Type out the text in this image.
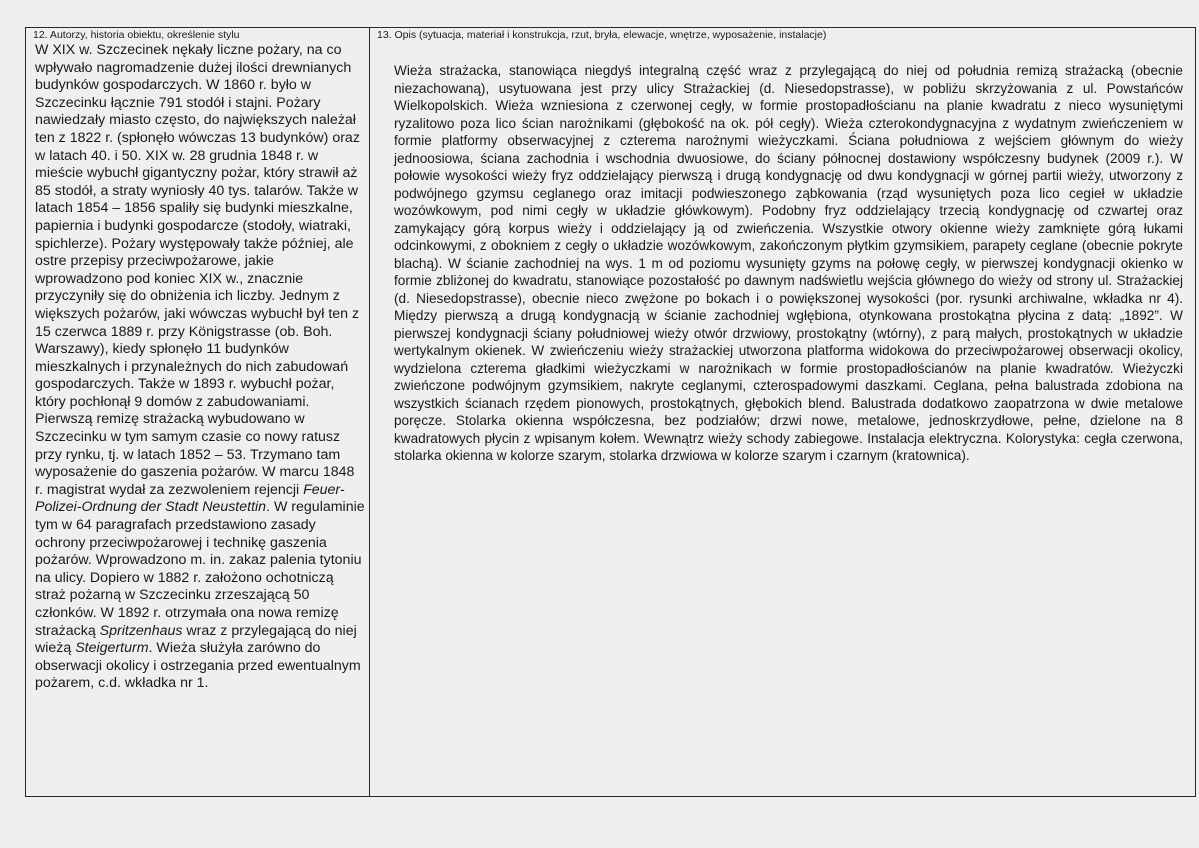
12. Autorzy, historia obiektu, określenie stylu
W XIX w. Szczecinek nękały liczne pożary, na co wpływało nagromadzenie dużej ilości drewnianych budynków gospodarczych. W 1860 r. było w Szczecinku łącznie 791 stodół i stajni. Pożary nawiedzały miasto często, do największych należał ten z 1822 r. (spłonęło wówczas 13 budynków) oraz w latach 40. i 50. XIX w. 28 grudnia 1848 r. w mieście wybuchł gigantyczny pożar, który strawił aż 85 stodół, a straty wyniosły 40 tys. talarów. Także w latach 1854 – 1856 spaliły się budynki mieszkalne, papiernia i budynki gospodarcze (stodoły, wiatraki, spichlerze). Pożary występowały także później, ale ostre przepisy przeciwpożarowe, jakie wprowadzono pod koniec XIX w., znacznie przyczyniły się do obniżenia ich liczby. Jednym z większych pożarów, jaki wówczas wybuchł był ten z 15 czerwca 1889 r. przy Königstrasse (ob. Boh. Warszawy), kiedy spłonęło 11 budynków mieszkalnych i przynależnych do nich zabudowań gospodarczych. Także w 1893 r. wybuchł pożar, który pochłonął 9 domów z zabudowaniami. Pierwszą remizę strażacką wybudowano w Szczecinku w tym samym czasie co nowy ratusz przy rynku, tj. w latach 1852 – 53. Trzymano tam wyposażenie do gaszenia pożarów. W marcu 1848 r. magistrat wydał za zezwoleniem rejencji Feuer-Polizei-Ordnung der Stadt Neustettin. W regulaminie tym w 64 paragrafach przedstawiono zasady ochrony przeciwpożarowej i technikę gaszenia pożarów. Wprowadzono m. in. zakaz palenia tytoniu na ulicy. Dopiero w 1882 r. założono ochotniczą straż pożarną w Szczecinku zrzeszającą 50 członków. W 1892 r. otrzymała ona nowa remizę strażacką Spritzenhaus wraz z przylegającą do niej wieżą Steigerturm. Wieża służyła zarówno do obserwacji okolicy i ostrzegania przed ewentualnym pożarem, c.d. wkładka nr 1.
13. Opis (sytuacja, materiał i konstrukcja, rzut, bryła, elewacje, wnętrze, wyposażenie, instalacje)

Wieża strażacka, stanowiąca niegdyś integralną część wraz z przylegającą do niej od południa remizą strażacką (obecnie niezachowaną), usytuowana jest przy ulicy Strażackiej (d. Niesedopstrasse), w pobliżu skrzyżowania z ul. Powstańców Wielkopolskich. Wieża wzniesiona z czerwonej cegły, w formie prostopadłościanu na planie kwadratu z nieco wysuniętymi ryzalitowo poza lico ścian narożnikami (głębokość na ok. pół cegły). Wieża czterokondygnacyjna z wydatnym zwieńczeniem w formie platformy obserwacyjnej z czterema narożnymi wieżyczkami. Ściana południowa z wejściem głównym do wieży jednoosiowa, ściana zachodnia i wschodnia dwuosiowe, do ściany północnej dostawiony współczesny budynek (2009 r.). W połowie wysokości wieży fryz oddzielający pierwszą i drugą kondygnację od dwu kondygnacji w górnej partii wieży, utworzony z podwójnego gzymsu ceglanego oraz imitacji podwieszonego ząbkowania (rząd wysuniętych poza lico cegieł w układzie wozówkowym, pod nimi cegły w układzie główkowym). Podobny fryz oddzielający trzecią kondygnację od czwartej oraz zamykający górą korpus wieży i oddzielający ją od zwieńczenia. Wszystkie otwory okienne wieży zamknięte górą łukami odcinkowymi, z obokniem z cegły o układzie wozówkowym, zakończonym płytkim gzymsikiem, parapety ceglane (obecnie pokryte blachą). W ścianie zachodniej na wys. 1 m od poziomu wysunięty gzyms na połowę cegły, w pierwszej kondygnacji okienko w formie zbliżonej do kwadratu, stanowiące pozostałość po dawnym nadświetlu wejścia głównego do wieży od strony ul. Strażackiej (d. Niesedopstrasse), obecnie nieco zwężone po bokach i o powiększonej wysokości (por. rysunki archiwalne, wkładka nr 4). Między pierwszą a drugą kondygnacją w ścianie zachodniej wgłębiona, otynkowana prostokątna płycina z datą: „1892”. W pierwszej kondygnacji ściany południowej wieży otwór drzwiowy, prostokątny (wtórny), z parą małych, prostokątnych w układzie wertykalnym okienek. W zwieńczeniu wieży strażackiej utworzona platforma widokowa do przeciwpożarowej obserwacji okolicy, wydzielona czterema gładkimi wieżyczkami w narożnikach w formie prostopadłościanów na planie kwadratów. Wieżyczki zwieńczone podwójnym gzymsikiem, nakryte ceglanymi, czterospadowymi daszkami. Ceglana, pełna balustrada zdobiona na wszystkich ścianach rzędem pionowych, prostokątnych, głębokich blend. Balustrada dodatkowo zaopatrzona w dwie metalowe poręcze. Stolarka okienna współczesna, bez podziałów; drzwi nowe, metalowe, jednoskrzydłowe, pełne, dzielone na 8 kwadratowych płycin z wpisanym kołem. Wewnątrz wieży schody zabiegowe. Instalacja elektryczna. Kolorystyka: cegła czerwona, stolarka okienna w kolorze szarym, stolarka drzwiowa w kolorze szarym i czarnym (kratownica).
